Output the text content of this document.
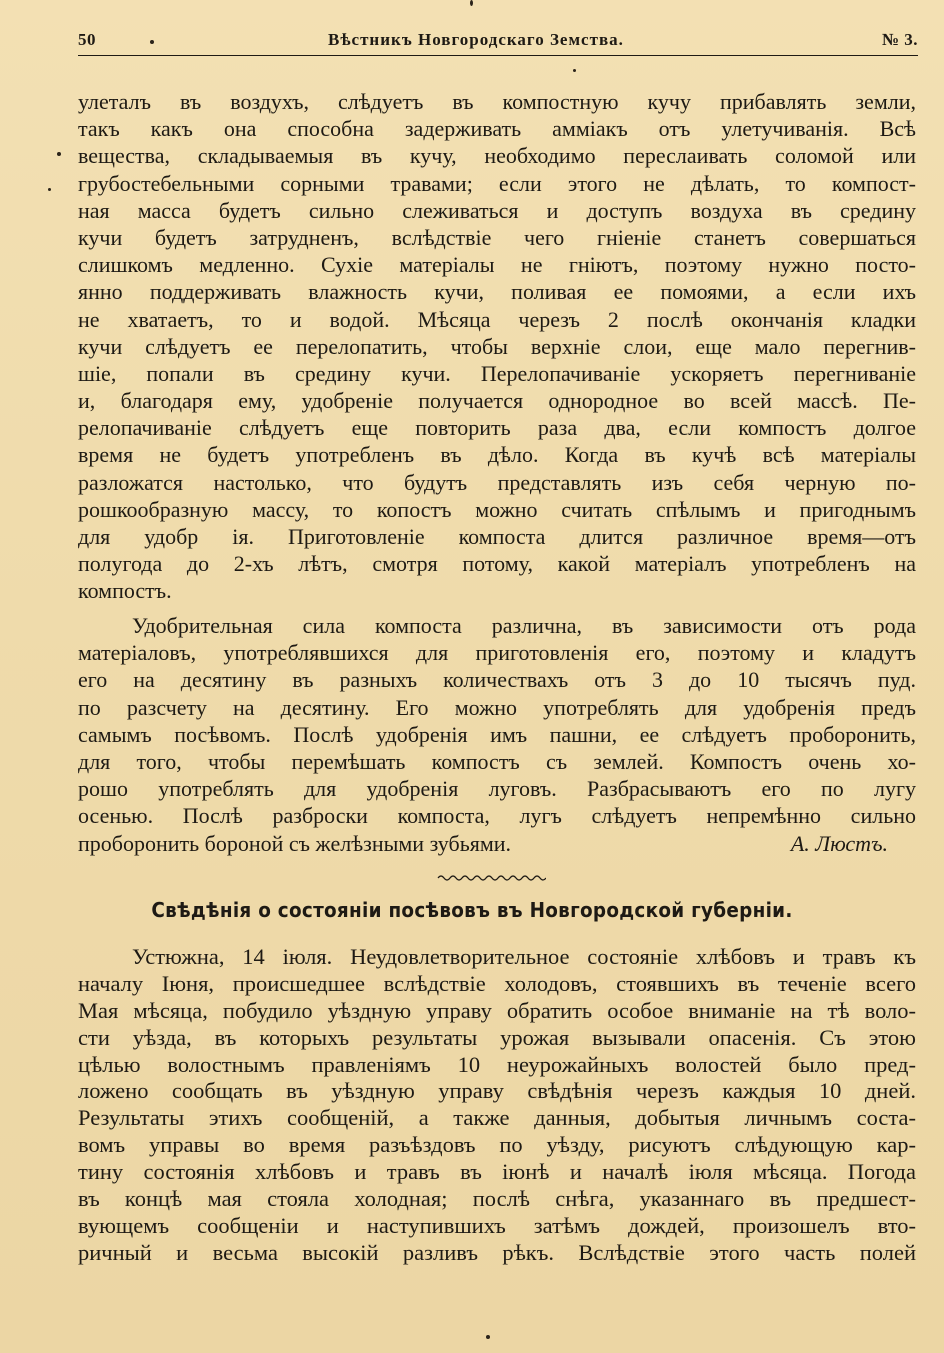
50	Вѣстникъ Новгородскаго Земства.	№ 3.
улеталъ въ воздухъ, слѣдуетъ въ компостную кучу прибавлять земли,
такъ какъ она способна задерживать амміакъ отъ улетучиванія. Всѣ
вещества, складываемыя въ кучу, необходимо переслаивать соломой или
грубостебельными сорными травами; если этого не дѣлать, то компост-
ная масса будетъ сильно слеживаться и доступъ воздуха въ средину
кучи будетъ затрудненъ, вслѣдствіе чего гніеніе станетъ совершаться
слишкомъ медленно. Сухіе матеріалы не гніютъ, поэтому нужно посто-
янно поддерживать влажность кучи, поливая ее помоями, а если ихъ
не хватаетъ, то и водой. Мѣсяца черезъ 2 послѣ окончанія кладки
кучи слѣдуетъ ее перелопатить, чтобы верхніе слои, еще мало перегнив-
шіе, попали въ средину кучи. Перелопачиваніе ускоряетъ перегниваніе
и, благодаря ему, удобреніе получается однородное во всей массѣ. Пе-
релопачиваніе слѣдуетъ еще повторить раза два, если компостъ долгое
время не будетъ употребленъ въ дѣло. Когда въ кучѣ всѣ матеріалы
разложатся настолько, что будутъ представлять изъ себя черную по-
рошкообразную массу, то копостъ можно считать спѣлымъ и пригоднымъ
для удобр ія. Приготовленіе компоста длится различное время—отъ
полугода до 2-хъ лѣтъ, смотря потому, какой матеріалъ употребленъ на
компостъ.
Удобрительная сила компоста различна, въ зависимости отъ рода
матеріаловъ, употреблявшихся для приготовленія его, поэтому и кладутъ
его на десятину въ разныхъ количествахъ отъ 3 до 10 тысячъ пуд.
по разсчету на десятину. Его можно употреблять для удобренія предъ
самымъ посѣвомъ. Послѣ удобренія имъ пашни, ее слѣдуетъ проборонить,
для того, чтобы перемѣшать компостъ съ землей. Компостъ очень хо-
рошо употреблять для удобренія луговъ. Разбрасываютъ его по лугу
осенью. Послѣ разброски компоста, лугъ слѣдуетъ непремѣнно сильно
проборонить бороной съ желѣзными зубьями.	А. Люстъ.
Свѣдѣнія о состояніи посѣвовъ въ Новгородской губерніи.
Устюжна, 14 іюля. Неудовлетворительное состояніе хлѣбовъ и травъ къ
началу Іюня, происшедшее вслѣдствіе холодовъ, стоявшихъ въ теченіе всего
Мая мѣсяца, побудило уѣздную управу обратить особое вниманіе на тѣ воло-
сти уѣзда, въ которыхъ результаты урожая вызывали опасенія. Съ этою
цѣлью волостнымъ правленіямъ 10 неурожайныхъ волостей было пред-
ложено сообщать въ уѣздную управу свѣдѣнія черезъ каждыя 10 дней.
Результаты этихъ сообщеній, а также данныя, добытыя личнымъ соста-
вомъ управы во время разъѣздовъ по уѣзду, рисуютъ слѣдующую кар-
тину состоянія хлѣбовъ и травъ въ іюнѣ и началѣ іюля мѣсяца. Погода
въ концѣ мая стояла холодная; послѣ снѣга, указаннаго въ предшест-
вующемъ сообщеніи и наступившихъ затѣмъ дождей, произошелъ вто-
ричный и весьма высокій разливъ рѣкъ. Вслѣдствіе этого часть полей
